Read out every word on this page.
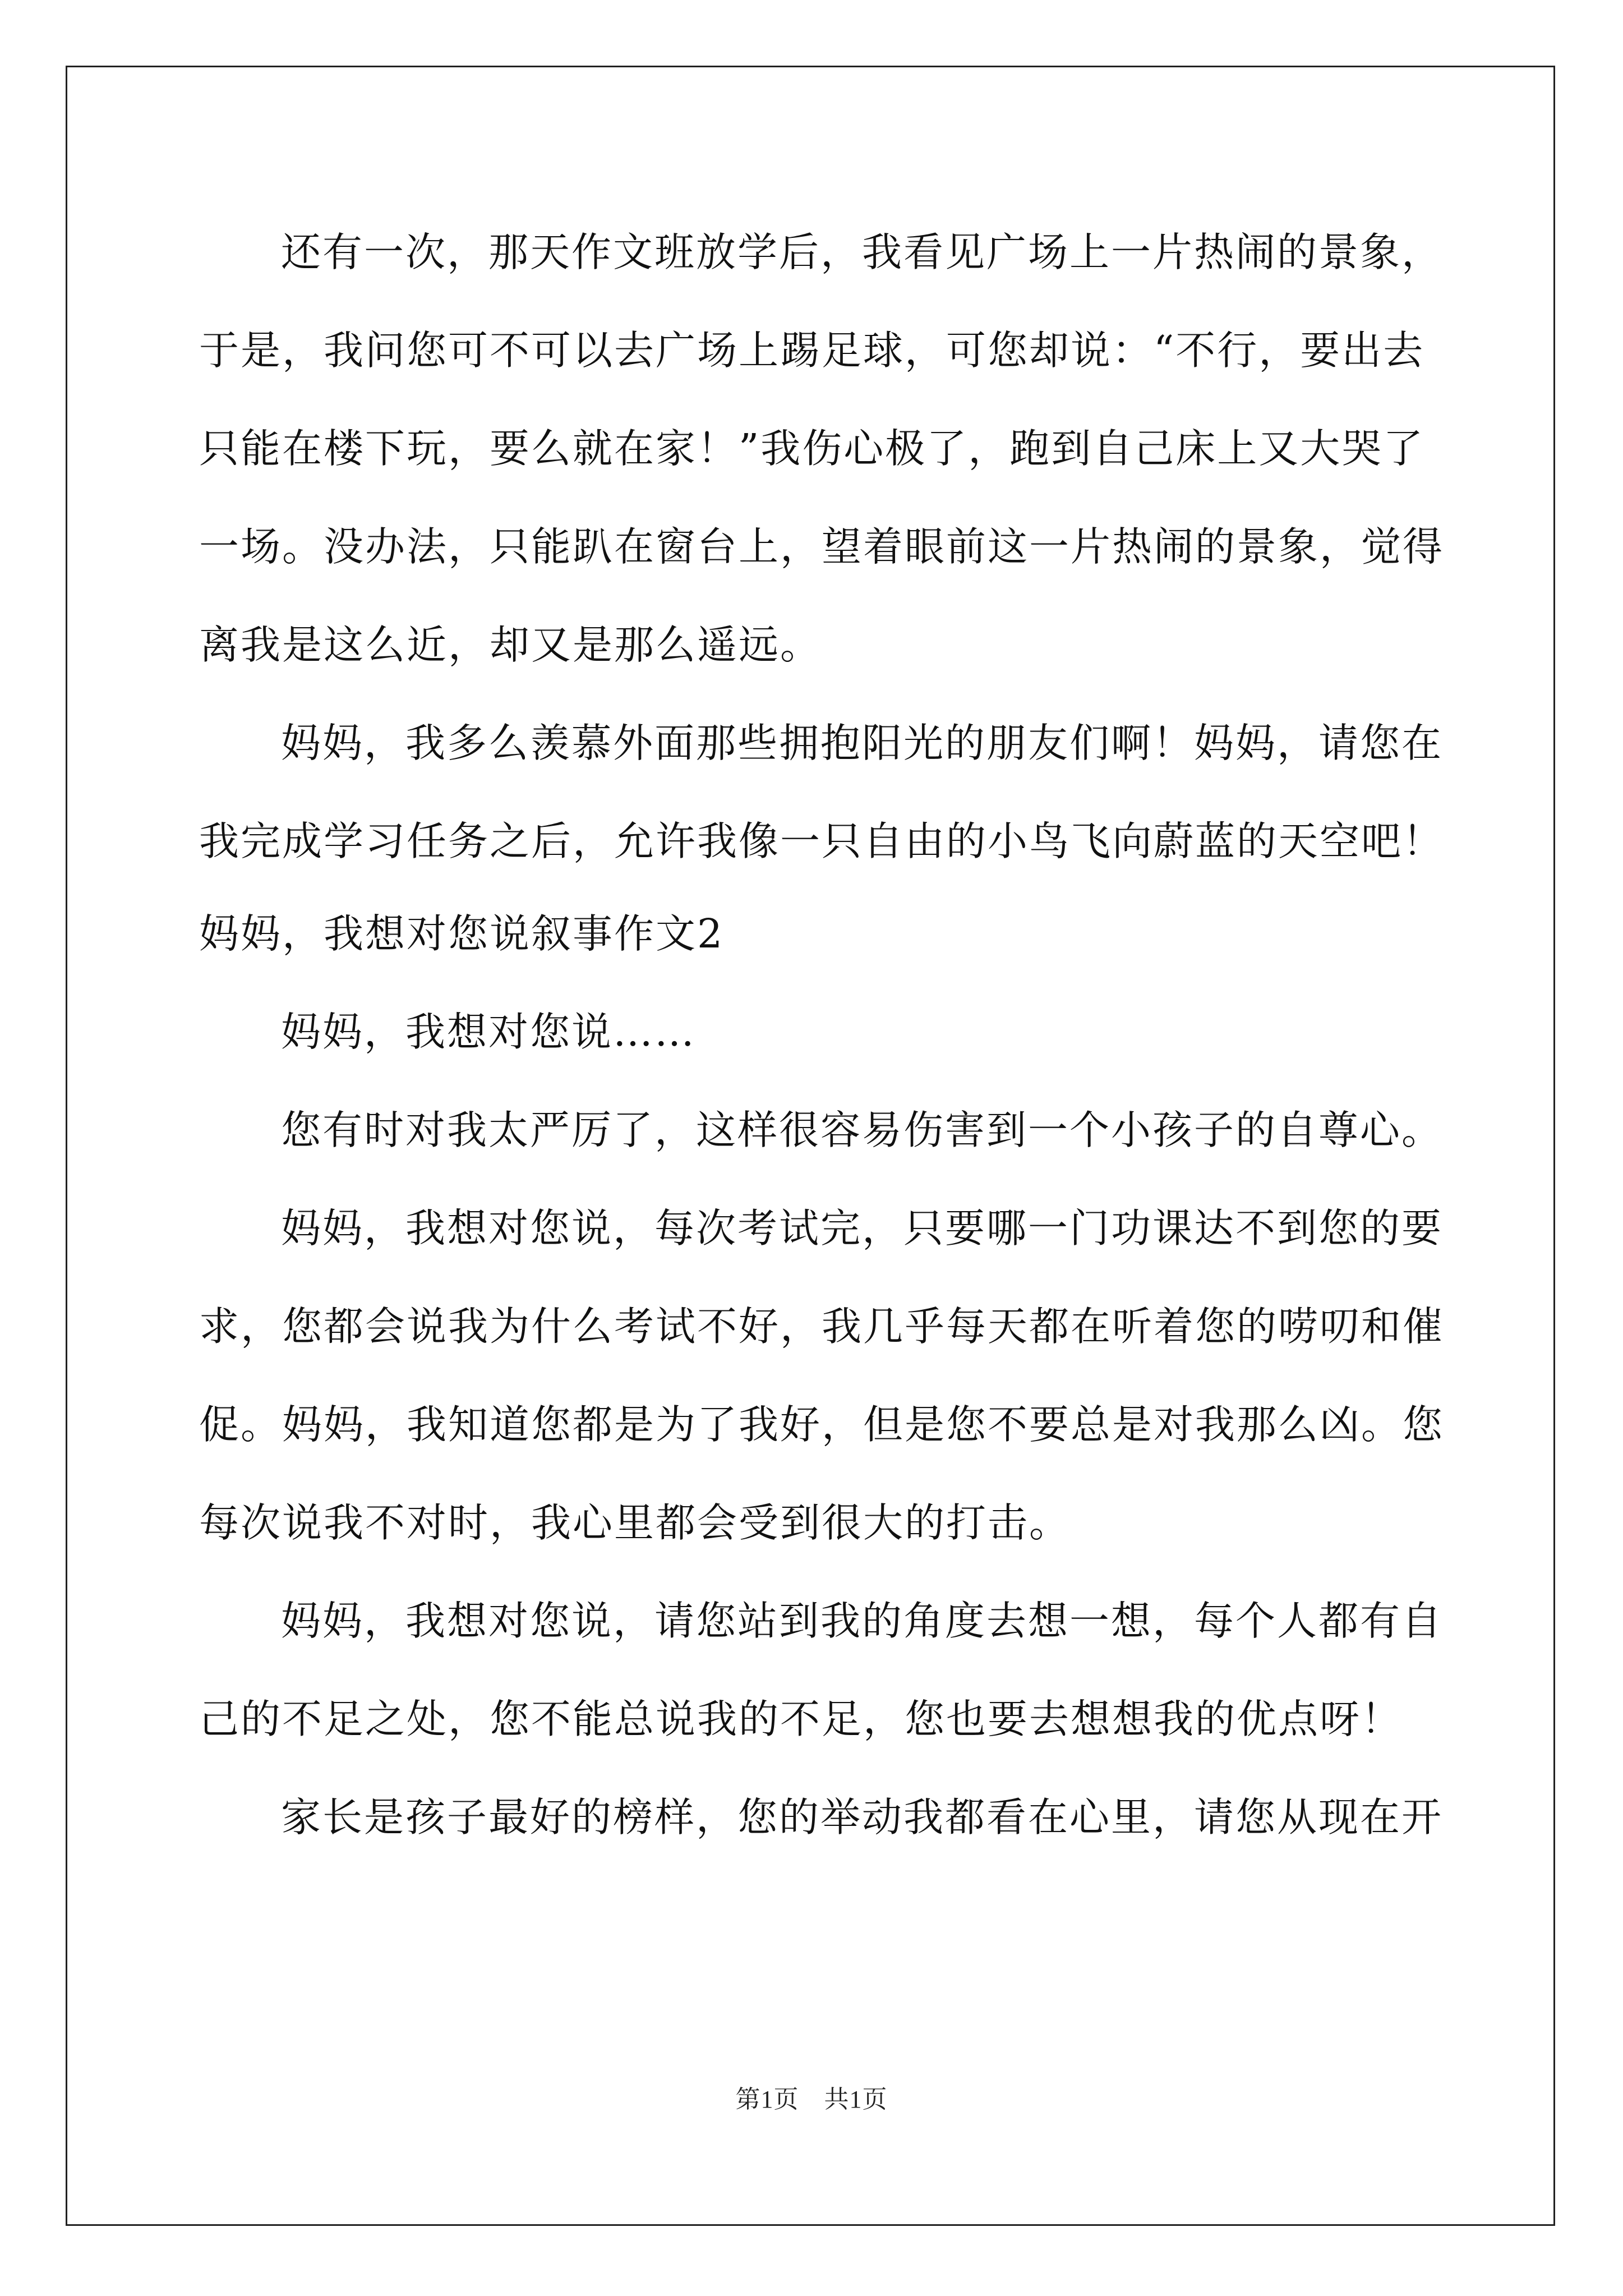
还有一次，那天作文班放学后，我看见广场上一片热闹的景象，
于是，我问您可不可以去广场上踢足球，可您却说：“不行，要出去
只能在楼下玩，要么就在家！”我伤心极了，跑到自己床上又大哭了
一场。没办法，只能趴在窗台上，望着眼前这一片热闹的景象，觉得
离我是这么近，却又是那么遥远。
妈妈，我多么羡慕外面那些拥抱阳光的朋友们啊！妈妈，请您在
我完成学习任务之后，允许我像一只自由的小鸟飞向蔚蓝的天空吧！
妈妈，我想对您说叙事作文2
妈妈，我想对您说……
您有时对我太严厉了，这样很容易伤害到一个小孩子的自尊心。
妈妈，我想对您说，每次考试完，只要哪一门功课达不到您的要
求，您都会说我为什么考试不好，我几乎每天都在听着您的唠叨和催
促。妈妈，我知道您都是为了我好，但是您不要总是对我那么凶。您
每次说我不对时，我心里都会受到很大的打击。
妈妈，我想对您说，请您站到我的角度去想一想，每个人都有自
己的不足之处，您不能总说我的不足，您也要去想想我的优点呀！
家长是孩子最好的榜样，您的举动我都看在心里，请您从现在开
第1页　共1页
